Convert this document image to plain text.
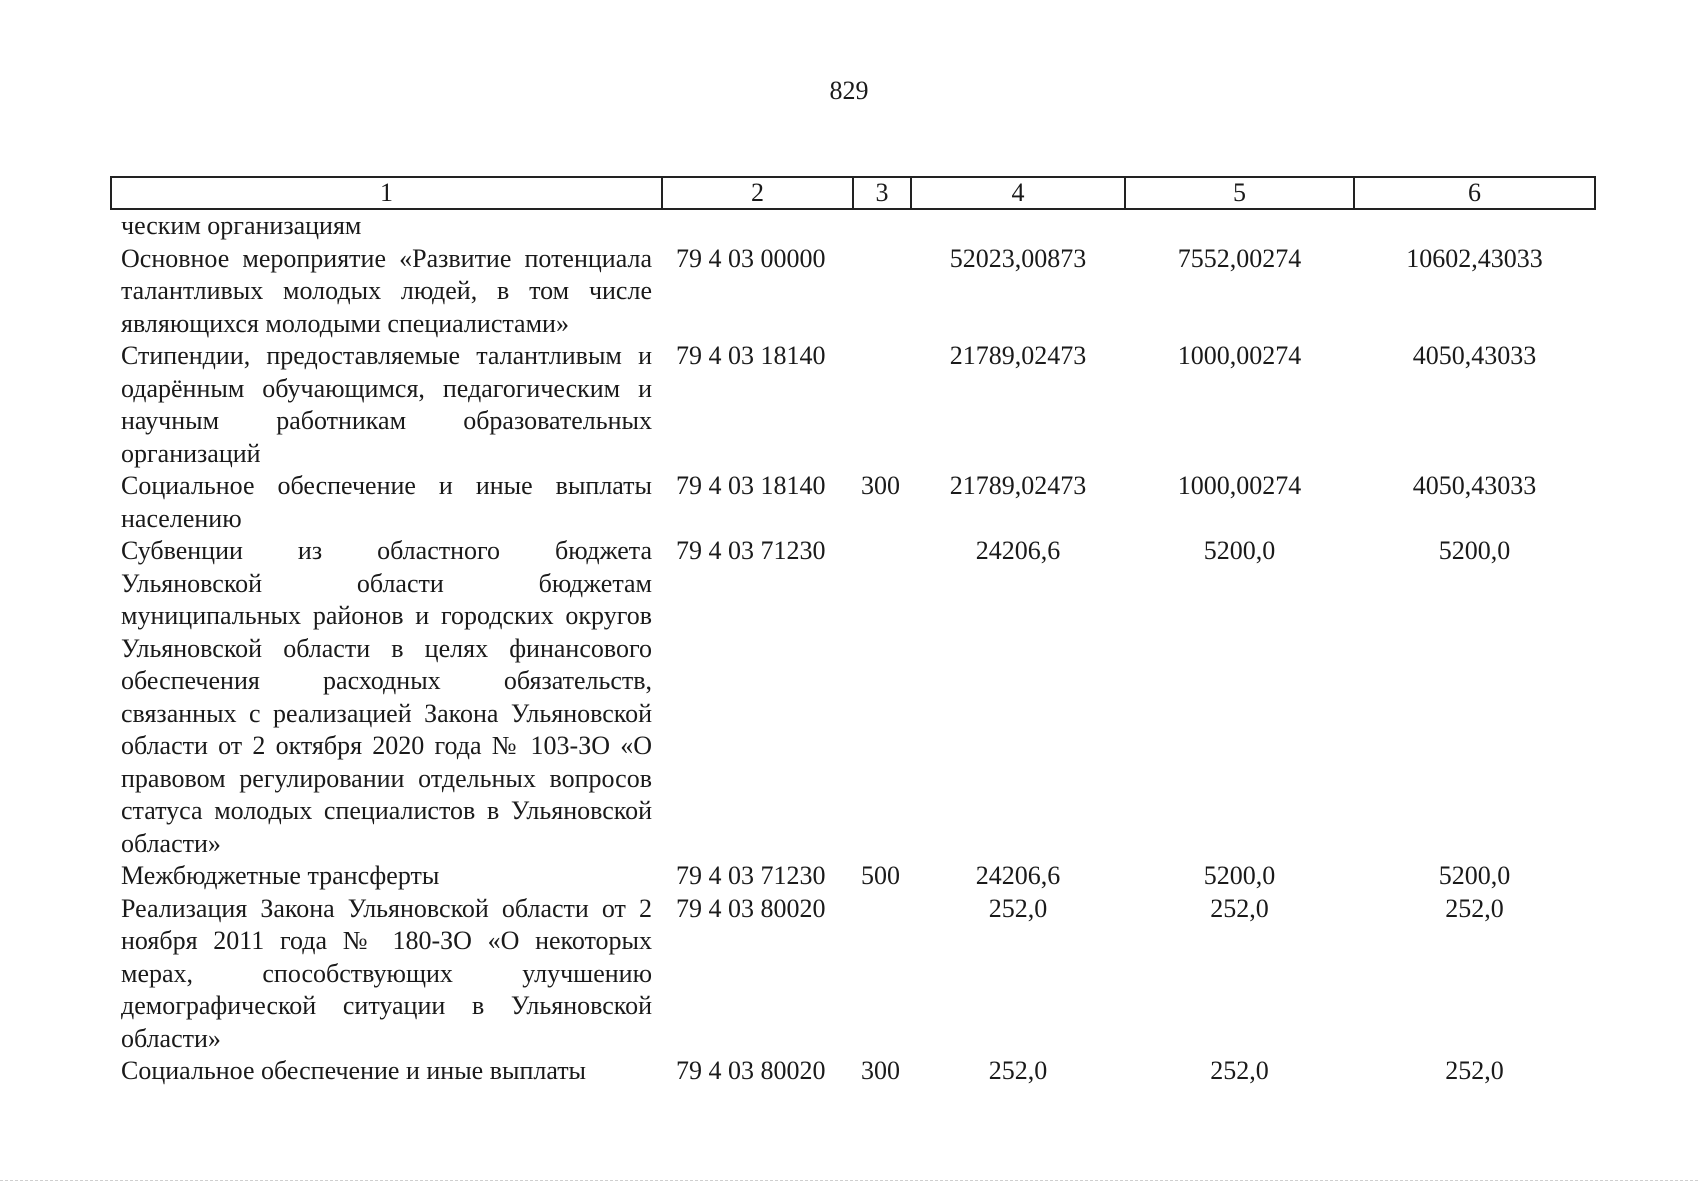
829
1	2	3	4	5	6
ческим организациям					
Основное мероприятие «Развитие потенциала талантливых молодых людей, в том числе являющихся молодыми специалистами»	79 4 03 00000		52023,00873	7552,00274	10602,43033
Стипендии, предоставляемые талантливым и одарённым обучающимся, педагогическим и научным работникам образовательных организаций	79 4 03 18140		21789,02473	1000,00274	4050,43033
Социальное обеспечение и иные выплаты населению	79 4 03 18140	300	21789,02473	1000,00274	4050,43033
Субвенции из областного бюджета Ульяновской области бюджетам муниципальных районов и городских округов Ульяновской области в целях финансового обеспечения расходных обязательств, связанных с реализацией Закона Ульяновской области от 2 октября 2020 года № 103-ЗО «О правовом регулировании отдельных вопросов статуса молодых специалистов в Ульяновской области»	79 4 03 71230		24206,6	5200,0	5200,0
Межбюджетные трансферты	79 4 03 71230	500	24206,6	5200,0	5200,0
Реализация Закона Ульяновской области от 2 ноября 2011 года № 180-ЗО «О некоторых мерах, способствующих улучшению демографической ситуации в Ульяновской области»	79 4 03 80020		252,0	252,0	252,0
Социальное обеспечение и иные выплаты	79 4 03 80020	300	252,0	252,0	252,0
